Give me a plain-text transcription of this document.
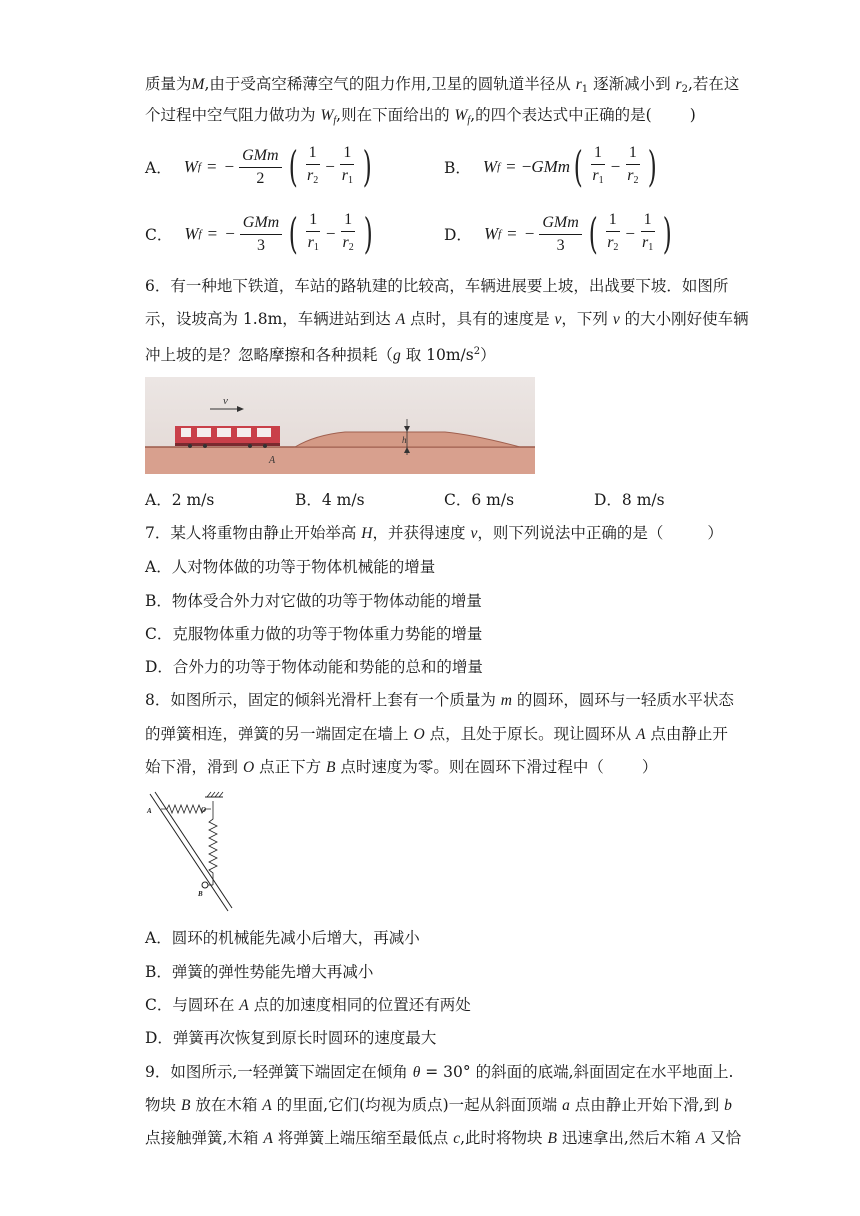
质量为M,由于受高空稀薄空气的阻力作用,卫星的圆轨道半径从 $r_1$ 逐渐减小到 $r_2$,若在这
个过程中空气阻力做功为 $W_f$,则在下面给出的 $W_f$,的四个表达式中正确的是( )
A． W f = − $\frac{\text{GMm}}{2}$ ( $\frac{1}{r_2} - \frac{1}{r_1}$ )	B． W f = − GMm ( $\frac{1}{r_1} - \frac{1}{r_2}$ )
C． W f = − $\frac{\text{GMm}}{3}$ ( $\frac{1}{r_1} - \frac{1}{r_2}$ )	D． W f = − $\frac{\text{GMm}}{3}$ ( $\frac{1}{r_2} - \frac{1}{r_1}$ )
6．有一种地下铁道，车站的路轨建的比较高，车辆进展要上坡，出战要下坡．如图所
示，设坡高为 1.8m，车辆进站到达 A 点时，具有的速度是 v，下列 v 的大小刚好使车辆
冲上坡的是？忽略摩擦和各种损耗（g 取 $10m/s^2$）
v
h
A
A．2 m/s	B．4 m/s	C．6 m/s	D．8 m/s
7．某人将重物由静止开始举高 H，并获得速度 v，则下列说法中正确的是（	）
A．人对物体做的功等于物体机械能的增量
B．物体受合外力对它做的功等于物体动能的增量
C．克服物体重力做的功等于物体重力势能的增量
D．合外力的功等于物体动能和势能的总和的增量
8．如图所示，固定的倾斜光滑杆上套有一个质量为 m 的圆环，圆环与一轻质水平状态
的弹簧相连，弹簧的另一端固定在墙上 O 点，且处于原长。现让圆环从 A 点由静止开
始下滑，滑到 O 点正下方 B 点时速度为零。则在圆环下滑过程中（ ）
A	O
B
A．圆环的机械能先减小后增大，再减小
B．弹簧的弹性势能先增大再减小
C．与圆环在 A 点的加速度相同的位置还有两处
D．弹簧再次恢复到原长时圆环的速度最大
9．如图所示,一轻弹簧下端固定在倾角 θ = 30° 的斜面的底端,斜面固定在水平地面上.
物块 B 放在木箱 A 的里面,它们(均视为质点)一起从斜面顶端 a 点由静止开始下滑,到 b
点接触弹簧,木箱 A 将弹簧上端压缩至最低点 c,此时将物块 B 迅速拿出,然后木箱 A 又恰
